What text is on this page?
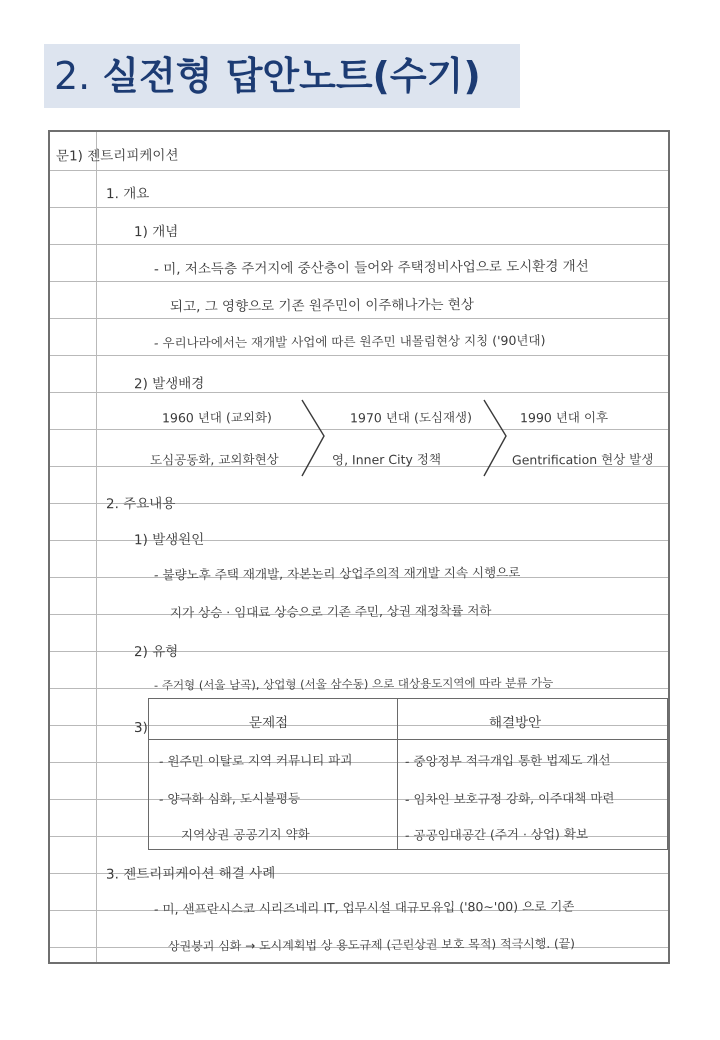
2. 실전형 답안노트(수기)
문1) 젠트리피케이션
1. 개요
1) 개념
- 미, 저소득층 주거지에 중산층이 들어와 주택정비사업으로 도시환경 개선
되고, 그 영향으로 기존 원주민이 이주해나가는 현상
- 우리나라에서는 재개발 사업에 따른 원주민 내몰림현상 지칭 ('90년대)
2) 발생배경
1960 년대 (교외화)
도심공동화, 교외화현상
1970 년대 (도심재생)
영, Inner City 정책
1990 년대 이후
Gentrification 현상 발생
2. 주요내용
1) 발생원인
- 불량노후 주택 재개발, 자본논리 상업주의적 재개발 지속 시행으로
지가 상승 · 임대료 상승으로 기존 주민, 상권 재정착률 저하
2) 유형
- 주거형 (서울 남곡), 상업형 (서울 삼수동) 으로 대상용도지역에 따라 분류 가능
3)
3. 젠트리피케이션 해결 사례
- 미, 샌프란시스코 시리즈네리 IT, 업무시설 대규모유입 ('80~'00) 으로 기존
상권붕괴 심화 → 도시계획법 상 용도규제 (근린상권 보호 목적) 적극시행. (끝)
문제점	해결방안
- 원주민 이탈로 지역 커뮤니티 파괴	- 중앙정부 적극개입 통한 법제도 개선
- 양극화 심화, 도시불평등	- 임차인 보호규정 강화, 이주대책 마련
지역상권 공공기지 약화	- 공공임대공간 (주거 · 상업) 확보
